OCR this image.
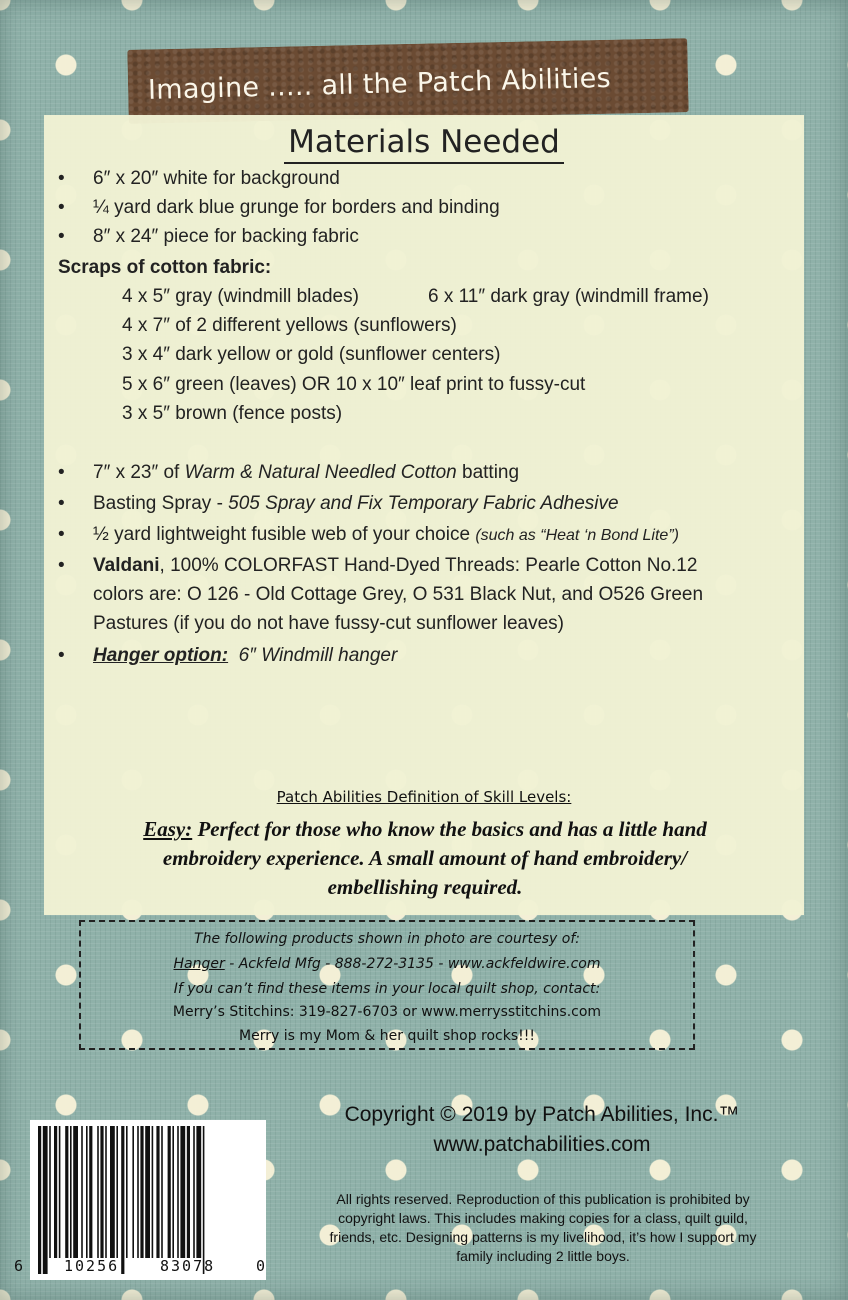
Imagine ..... all the Patch Abilities
Materials Needed
• 6″ x 20″ white for background
• ¼ yard dark blue grunge for borders and binding
• 8″ x 24″ piece for backing fabric
Scraps of cotton fabric:
4 x 5″ gray (windmill blades)	6 x 11″ dark gray (windmill frame)
4 x 7″ of 2 different yellows (sunflowers)
3 x 4″ dark yellow or gold (sunflower centers)
5 x 6″ green (leaves) OR 10 x 10″ leaf print to fussy-cut
3 x 5″ brown (fence posts)
• 7″ x 23″ of Warm & Natural Needled Cotton batting
• Basting Spray - 505 Spray and Fix Temporary Fabric Adhesive
• ½ yard lightweight fusible web of your choice (such as “Heat ‘n Bond Lite”)
• Valdani, 100% COLORFAST Hand-Dyed Threads: Pearle Cotton No.12
colors are: O 126 - Old Cottage Grey, O 531 Black Nut, and O526 Green
Pastures (if you do not have fussy-cut sunflower leaves)
• Hanger option: 6″ Windmill hanger
Patch Abilities Definition of Skill Levels:
Easy: Perfect for those who know the basics and has a little hand
embroidery experience. A small amount of hand embroidery/
embellishing required.
The following products shown in photo are courtesy of:
Hanger - Ackfeld Mfg - 888-272-3135 - www.ackfeldwire.com
If you can’t find these items in your local quilt shop, contact:
Merry’s Stitchins: 319-827-6703 or www.merrysstitchins.com
Merry is my Mom & her quilt shop rocks!!!
Copyright © 2019 by Patch Abilities, Inc.™
www.patchabilities.com
6	10256	83078	0
All rights reserved. Reproduction of this publication is prohibited by
copyright laws. This includes making copies for a class, quilt guild,
friends, etc. Designing patterns is my livelihood, it’s how I support my
family including 2 little boys.
